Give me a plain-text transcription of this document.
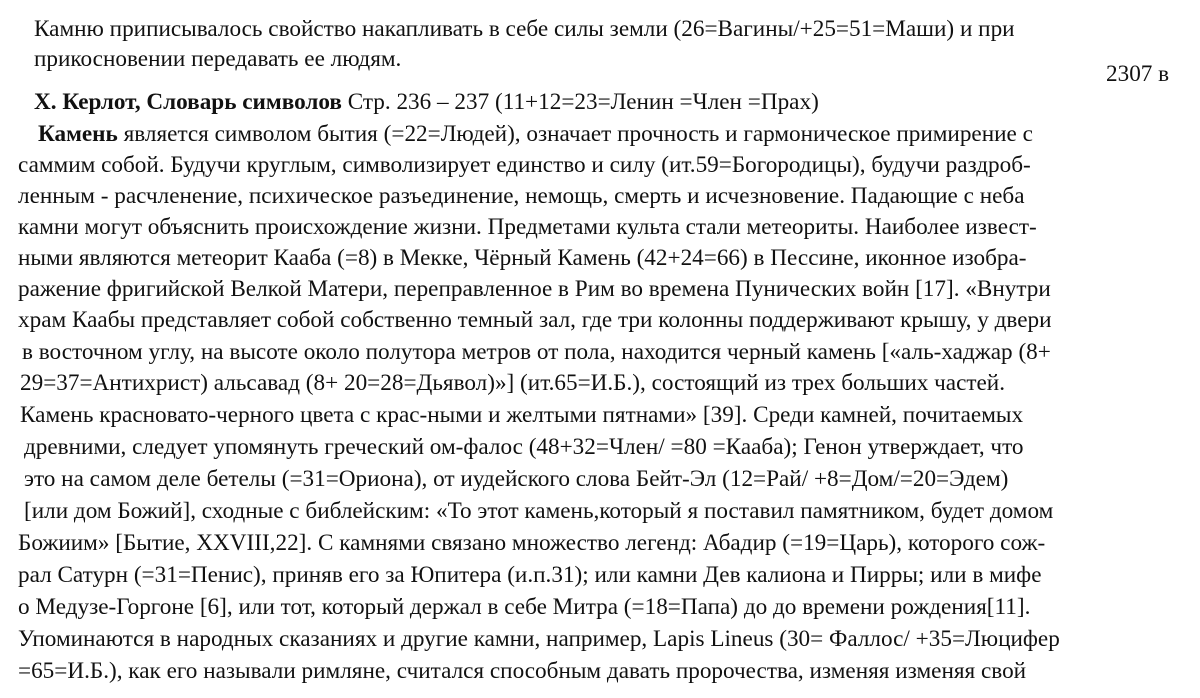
Камню приписывалось свойство накапливать в себе силы земли (26=Вагины/+25=51=Маши) и при
прикосновении передавать ее людям.
2307 в
Х. Керлот, Словарь символов Стр. 236 – 237 (11+12=23=Ленин =Член =Прах)
Камень является символом бытия (=22=Людей), означает прочность и гармоническое примирение с
саммим собой. Будучи круглым, символизирует единство и силу (ит.59=Богородицы), будучи раздроб-
ленным - расчленение, психическое разъединение, немощь, смерть и исчезновение. Падающие с неба
камни могут объяснить происхождение жизни. Предметами культа стали метеориты. Наиболее извест-
ными являются метеорит Кааба (=8) в Мекке, Чёрный Камень (42+24=66) в Пессине, иконное изобра-
ражение фригийской Велкой Матери, переправленное в Рим во времена Пунических войн [17]. «Внутри
храм Каабы представляет собой собственно темный зал, где три колонны поддерживают крышу, у двери
в восточном углу, на высоте около полутора метров от пола, находится черный камень [«аль-хаджар (8+
29=37=Антихрист) альсавад (8+ 20=28=Дьявол)»] (ит.65=И.Б.), состоящий из трех больших частей.
Камень красновато-черного цвета с крас-ными и желтыми пятнами» [39]. Среди камней, почитаемых
древними, следует упомянуть греческий ом-фалос (48+32=Член/ =80 =Кааба); Генон утверждает, что
это на самом деле бетелы (=31=Ориона), от иудейского слова Бейт-Эл (12=Рай/ +8=Дом/=20=Эдем)
[или дом Божий], сходные с библейским: «То этот камень,который я поставил памятником, будет домом
Божиим» [Бытие, XXVIII,22]. С камнями связано множество легенд: Абадир (=19=Царь), которого сож-
рал Сатурн (=31=Пенис), приняв его за Юпитера (и.п.31); или камни Дев калиона и Пирры; или в мифе
о Медузе-Горгоне [6], или тот, который держал в себе Митра (=18=Папа) до до времени рождения[11].
Упоминаются в народных сказаниях и другие камни, например, Lapis Lineus (30= Фаллос/ +35=Люцифер
=65=И.Б.), как его называли римляне, считался способным давать пророчества, изменяя изменяя свой
